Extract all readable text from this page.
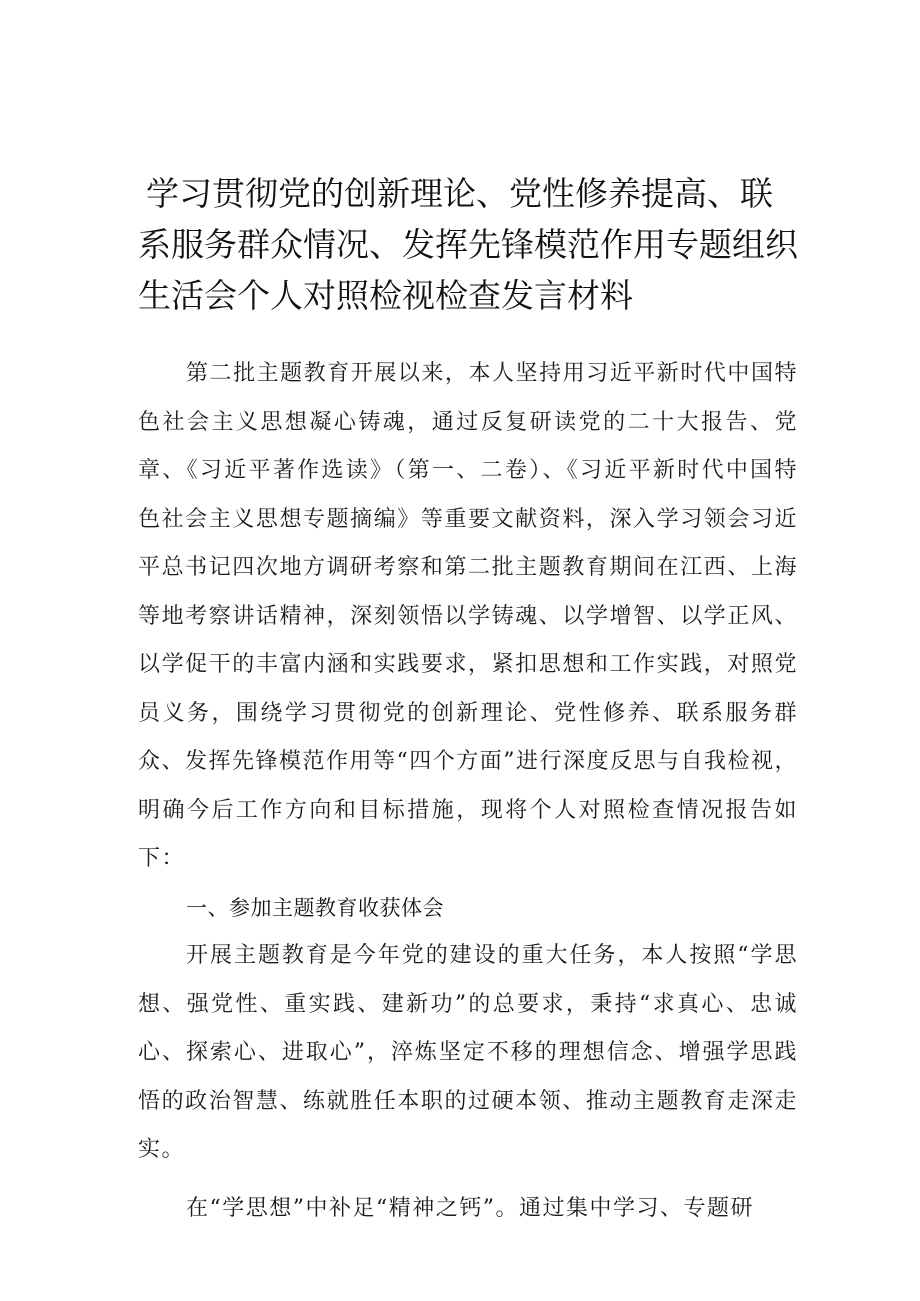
学习贯彻党的创新理论、党性修养提高、联
系服务群众情况、发挥先锋模范作用专题组织
生活会个人对照检视检查发言材料

第二批主题教育开展以来，本人坚持用习近平新时代中国特色社会主义思想凝心铸魂，通过反复研读党的二十大报告、党章、《习近平著作选读》（第一、二卷）、《习近平新时代中国特色社会主义思想专题摘编》等重要文献资料，深入学习领会习近平总书记四次地方调研考察和第二批主题教育期间在江西、上海等地考察讲话精神，深刻领悟以学铸魂、以学增智、以学正风、以学促干的丰富内涵和实践要求，紧扣思想和工作实践，对照党员义务，围绕学习贯彻党的创新理论、党性修养、联系服务群众、发挥先锋模范作用等“四个方面”进行深度反思与自我检视，明确今后工作方向和目标措施，现将个人对照检查情况报告如下：

一、参加主题教育收获体会

开展主题教育是今年党的建设的重大任务，本人按照“学思想、强党性、重实践、建新功”的总要求，秉持“求真心、忠诚心、探索心、进取心”，淬炼坚定不移的理想信念、增强学思践悟的政治智慧、练就胜任本职的过硬本领、推动主题教育走深走实。

在“学思想”中补足“精神之钙”。通过集中学习、专题研
